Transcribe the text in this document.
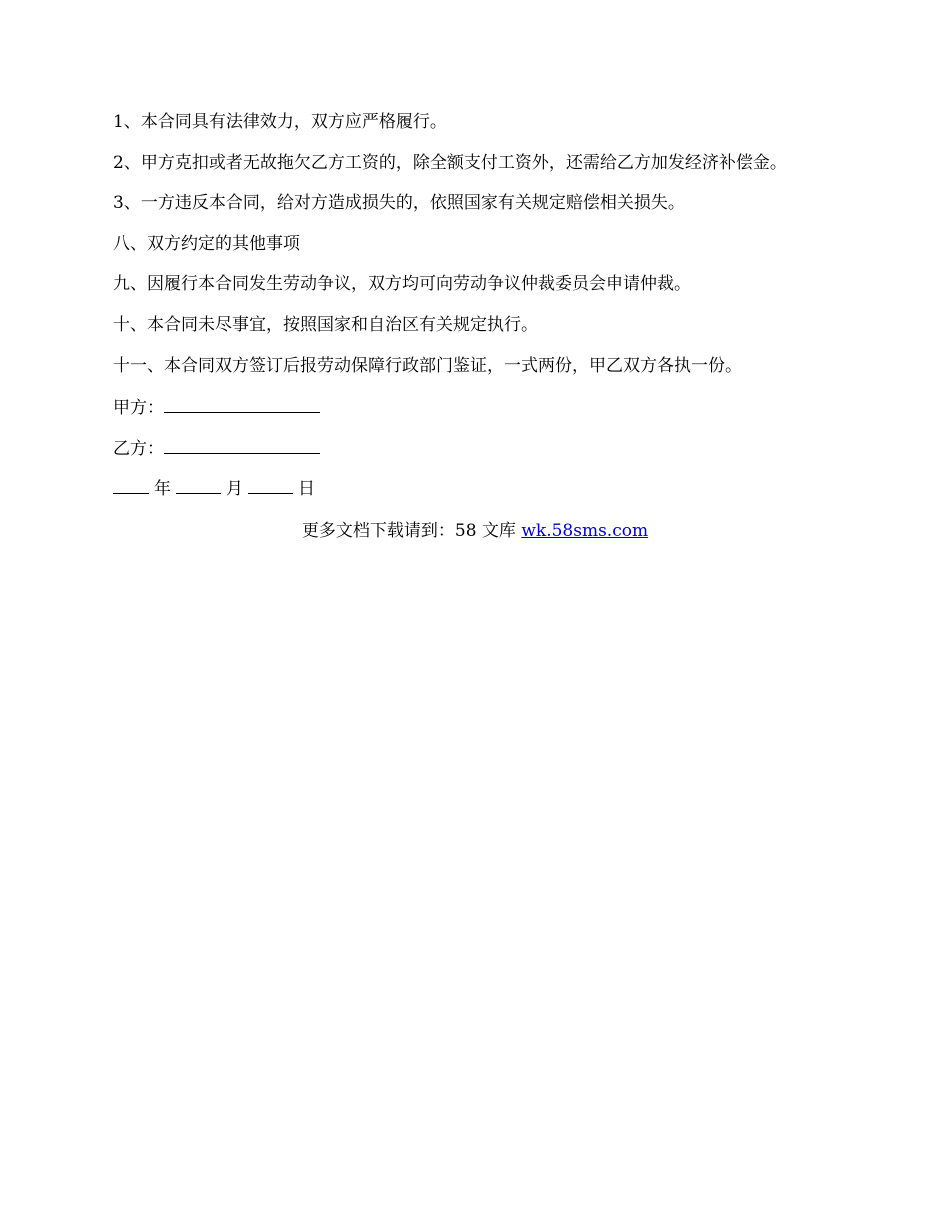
1、本合同具有法律效力，双方应严格履行。

2、甲方克扣或者无故拖欠乙方工资的，除全额支付工资外，还需给乙方加发经济补偿金。

3、一方违反本合同，给对方造成损失的，依照国家有关规定赔偿相关损失。

八、双方约定的其他事项

九、因履行本合同发生劳动争议，双方均可向劳动争议仲裁委员会申请仲裁。

十、本合同未尽事宜，按照国家和自治区有关规定执行。

十一、本合同双方签订后报劳动保障行政部门鉴证，一式两份，甲乙双方各执一份。

甲方：

乙方：

年	月	日

更多文档下载请到：58 文库 wk.58sms.com
